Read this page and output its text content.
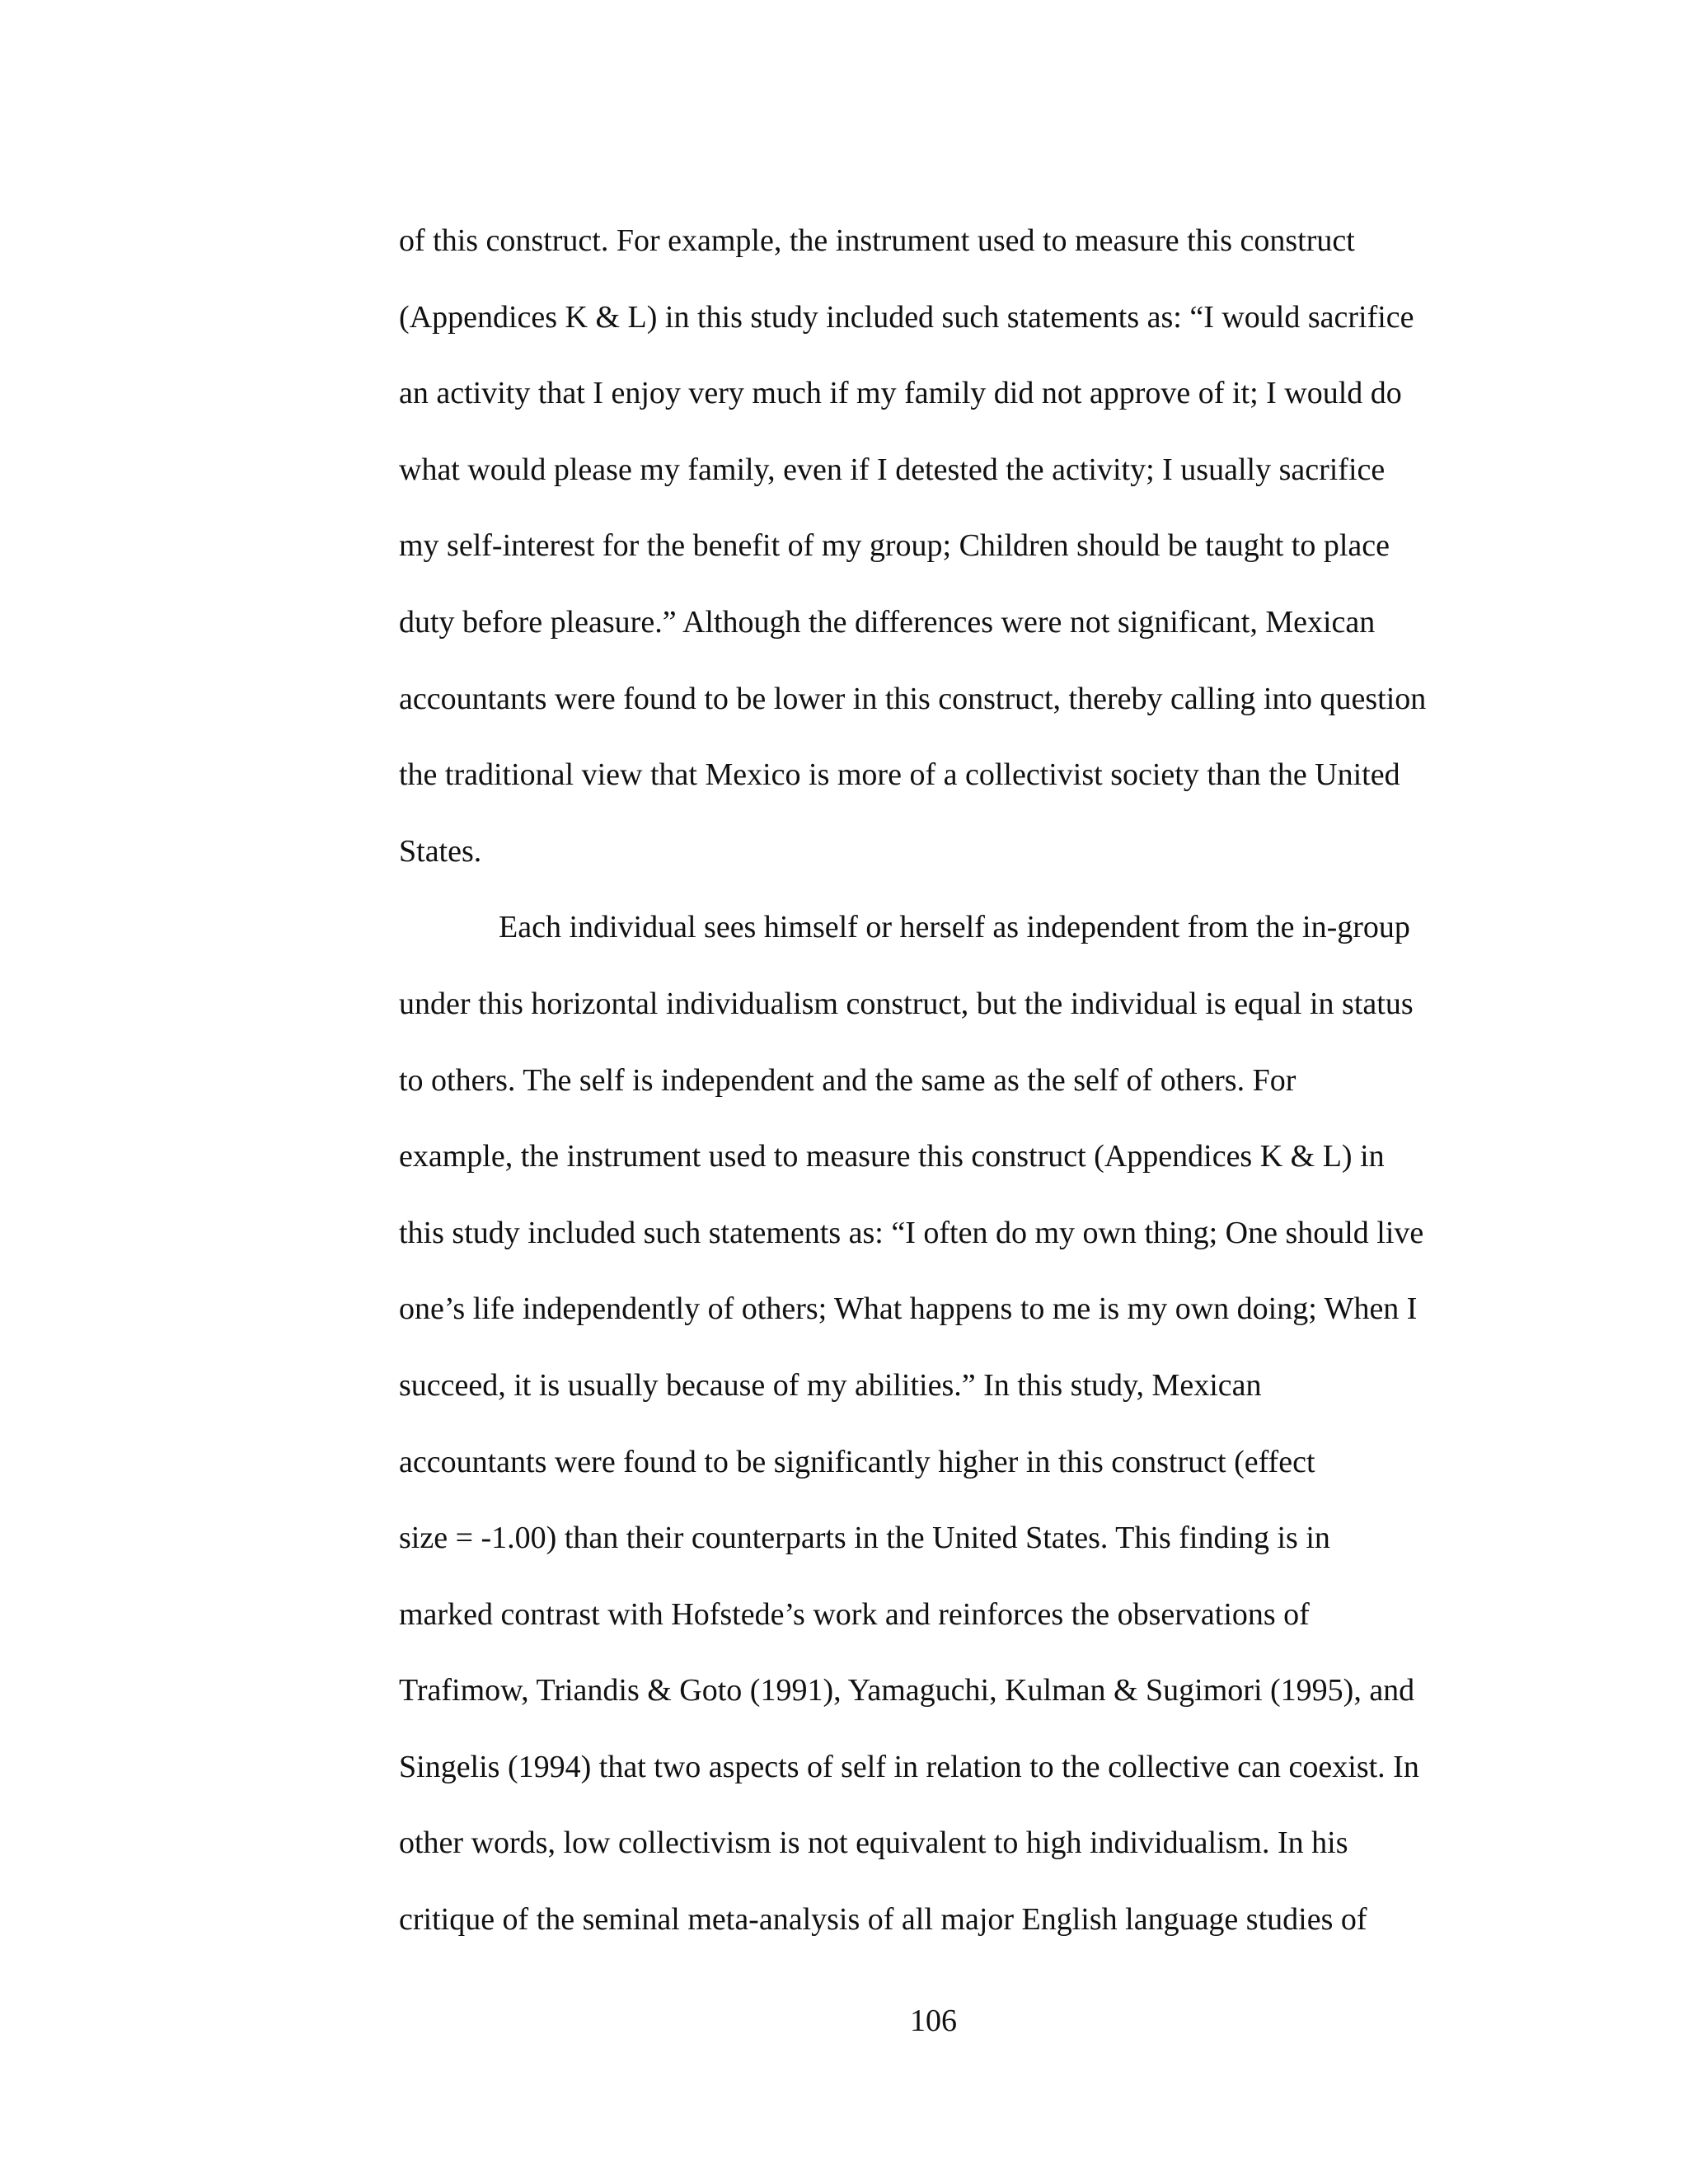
of this construct. For example, the instrument used to measure this construct
(Appendices K & L) in this study included such statements as: “I would sacrifice
an activity that I enjoy very much if my family did not approve of it; I would do
what would please my family, even if I detested the activity; I usually sacrifice
my self-interest for the benefit of my group; Children should be taught to place
duty before pleasure.” Although the differences were not significant, Mexican
accountants were found to be lower in this construct, thereby calling into question
the traditional view that Mexico is more of a collectivist society than the United
States.
Each individual sees himself or herself as independent from the in-group
under this horizontal individualism construct, but the individual is equal in status
to others. The self is independent and the same as the self of others. For
example, the instrument used to measure this construct (Appendices K & L) in
this study included such statements as: “I often do my own thing; One should live
one’s life independently of others; What happens to me is my own doing; When I
succeed, it is usually because of my abilities.” In this study, Mexican
accountants were found to be significantly higher in this construct (effect
size = -1.00) than their counterparts in the United States. This finding is in
marked contrast with Hofstede’s work and reinforces the observations of
Trafimow, Triandis & Goto (1991), Yamaguchi, Kulman & Sugimori (1995), and
Singelis (1994) that two aspects of self in relation to the collective can coexist. In
other words, low collectivism is not equivalent to high individualism. In his
critique of the seminal meta-analysis of all major English language studies of
106
